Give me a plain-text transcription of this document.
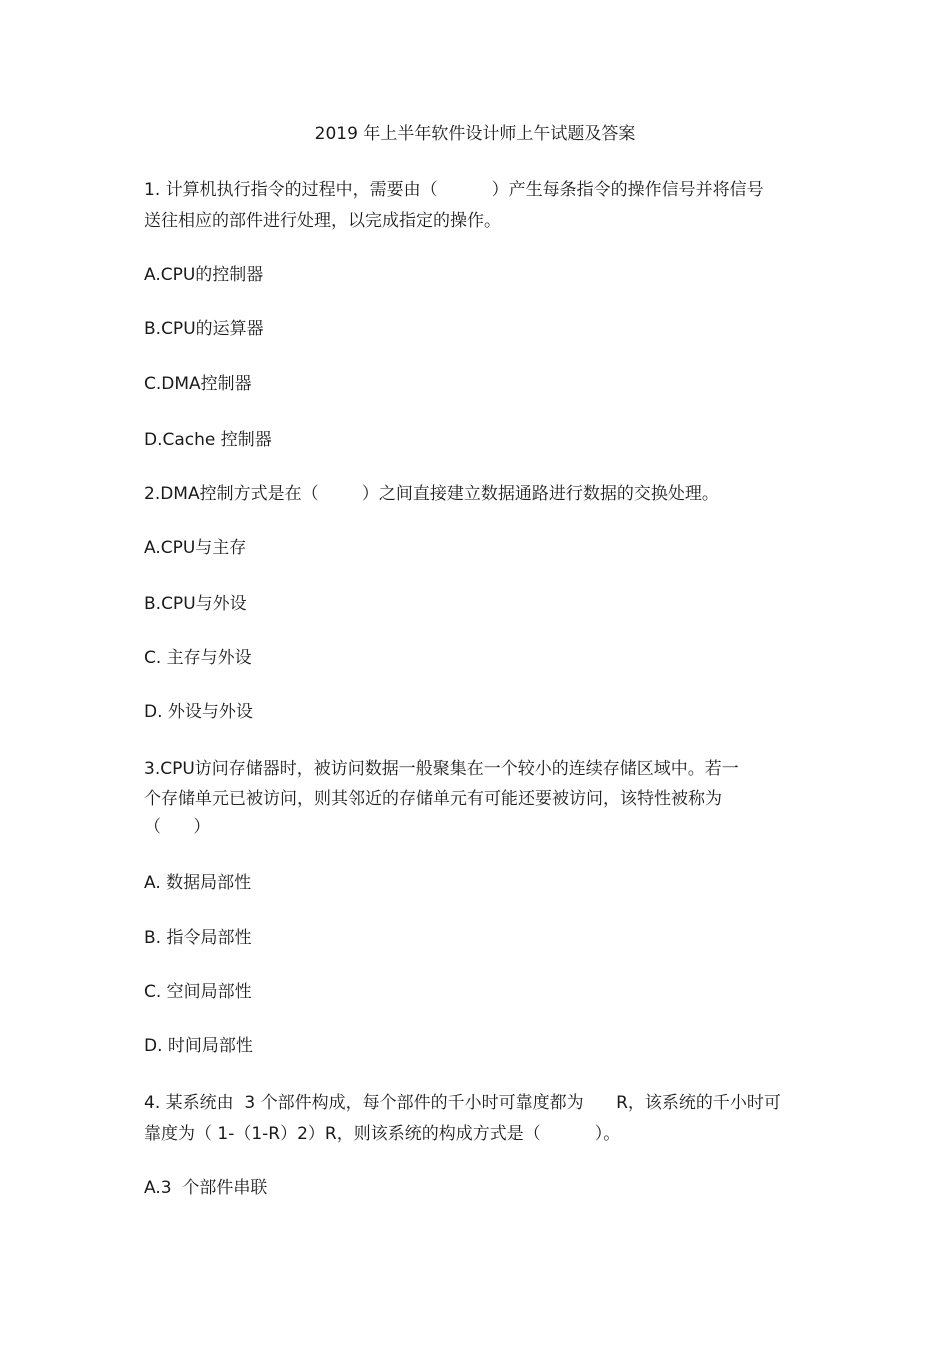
2019 年上半年软件设计师上午试题及答案
1. 计算机执行指令的过程中，需要由（          ）产生每条指令的操作信号并将信号
送往相应的部件进行处理，以完成指定的操作。
A.CPU的控制器
B.CPU的运算器
C.DMA控制器
D.Cache 控制器
2.DMA控制方式是在（        ）之间直接建立数据通路进行数据的交换处理。
A.CPU与主存
B.CPU与外设
C. 主存与外设
D. 外设与外设
3.CPU访问存储器时，被访问数据一般聚集在一个较小的连续存储区域中。若一
个存储单元已被访问，则其邻近的存储单元有可能还要被访问，该特性被称为
（      ）
A. 数据局部性
B. 指令局部性
C. 空间局部性
D. 时间局部性
4. 某系统由  3 个部件构成，每个部件的千小时可靠度都为      R，该系统的千小时可
靠度为（ 1-（1-R）2）R，则该系统的构成方式是（          ）。
A.3  个部件串联
